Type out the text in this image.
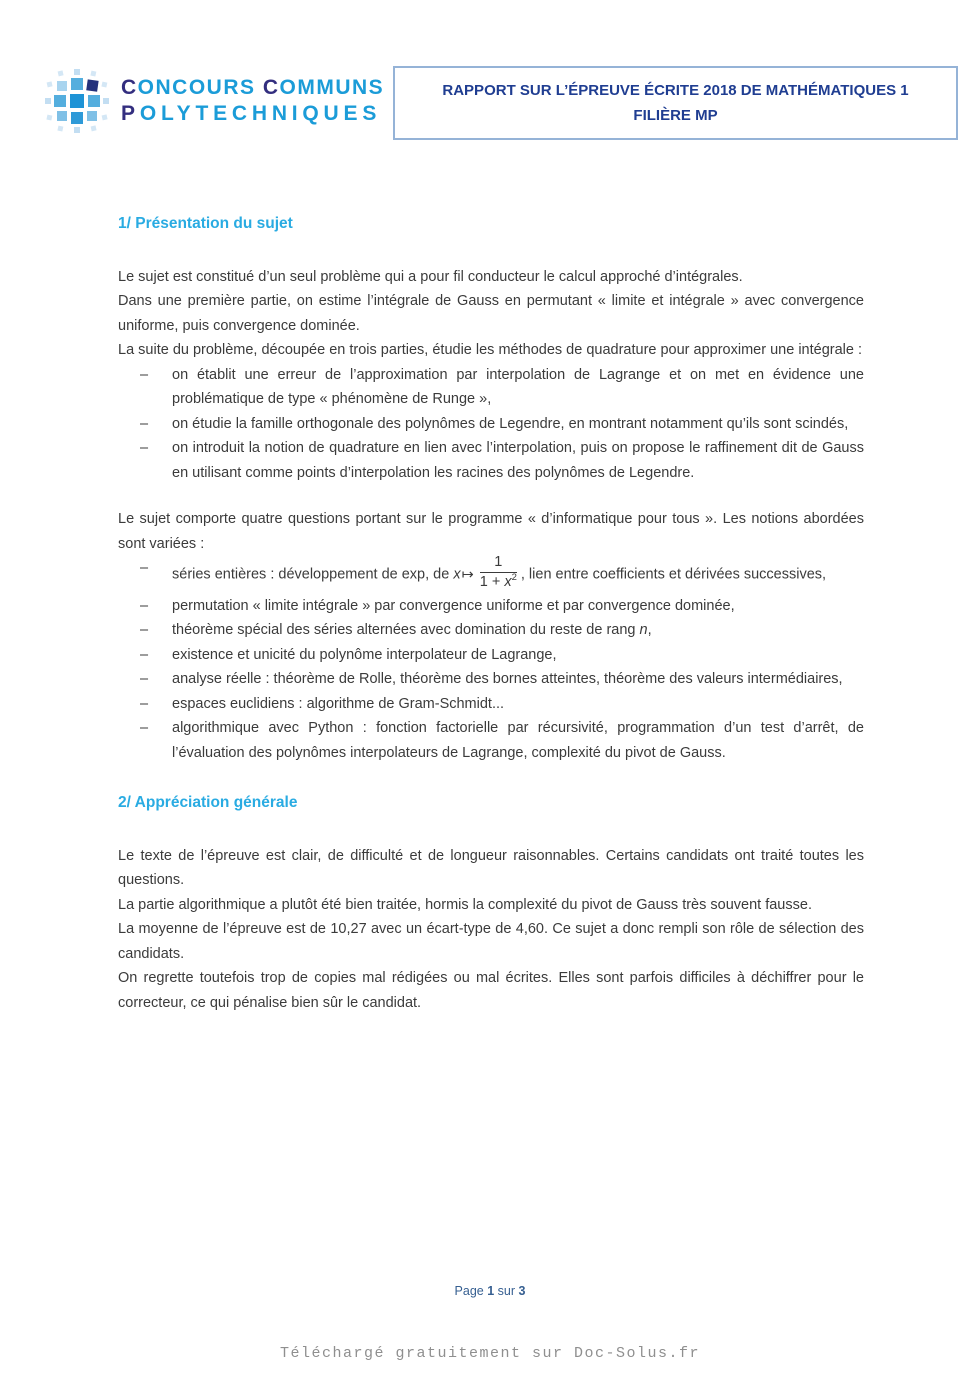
CONCOURS COMMUNS
POLYTECHNIQUES
RAPPORT SUR L’ÉPREUVE ÉCRITE 2018 DE MATHÉMATIQUES 1
FILIÈRE MP
1/ Présentation du sujet

Le sujet est constitué d’un seul problème qui a pour fil conducteur le calcul approché d’intégrales.

Dans une première partie, on estime l’intégrale de Gauss en permutant « limite et intégrale » avec convergence uniforme, puis convergence dominée.

La suite du problème, découpée en trois parties, étudie les méthodes de quadrature pour approximer une intégrale :

–	on établit une erreur de l’approximation par interpolation de Lagrange et on met en évidence une problématique de type « phénomène de Runge »,
–	on étudie la famille orthogonale des polynômes de Legendre, en montrant notamment qu’ils sont scindés,
–	on introduit la notion de quadrature en lien avec l’interpolation, puis on propose le raffinement dit de Gauss en utilisant comme points d’interpolation les racines des polynômes de Legendre.

Le sujet comporte quatre questions portant sur le programme « d’informatique pour tous ». Les notions abordées sont variées :

–	séries entières : développement de exp, de x↦ $\frac{1}{1 + x^2}$ , lien entre coefficients et dérivées successives,
–	permutation « limite intégrale » par convergence uniforme et par convergence dominée,
–	théorème spécial des séries alternées avec domination du reste de rang n,
–	existence et unicité du polynôme interpolateur de Lagrange,
–	analyse réelle : théorème de Rolle, théorème des bornes atteintes, théorème des valeurs intermédiaires,
–	espaces euclidiens : algorithme de Gram-Schmidt...
–	algorithmique avec Python : fonction factorielle par récursivité, programmation d’un test d’arrêt, de l’évaluation des polynômes interpolateurs de Lagrange, complexité du pivot de Gauss.
2/ Appréciation générale

Le texte de l’épreuve est clair, de difficulté et de longueur raisonnables. Certains candidats ont traité toutes les questions.

La partie algorithmique a plutôt été bien traitée, hormis la complexité du pivot de Gauss très souvent fausse.

La moyenne de l’épreuve est de 10,27 avec un écart-type de 4,60. Ce sujet a donc rempli son rôle de sélection des candidats.

On regrette toutefois trop de copies mal rédigées ou mal écrites. Elles sont parfois difficiles à déchiffrer pour le correcteur, ce qui pénalise bien sûr le candidat.

Page 1 sur 3
Téléchargé gratuitement sur Doc-Solus.fr
